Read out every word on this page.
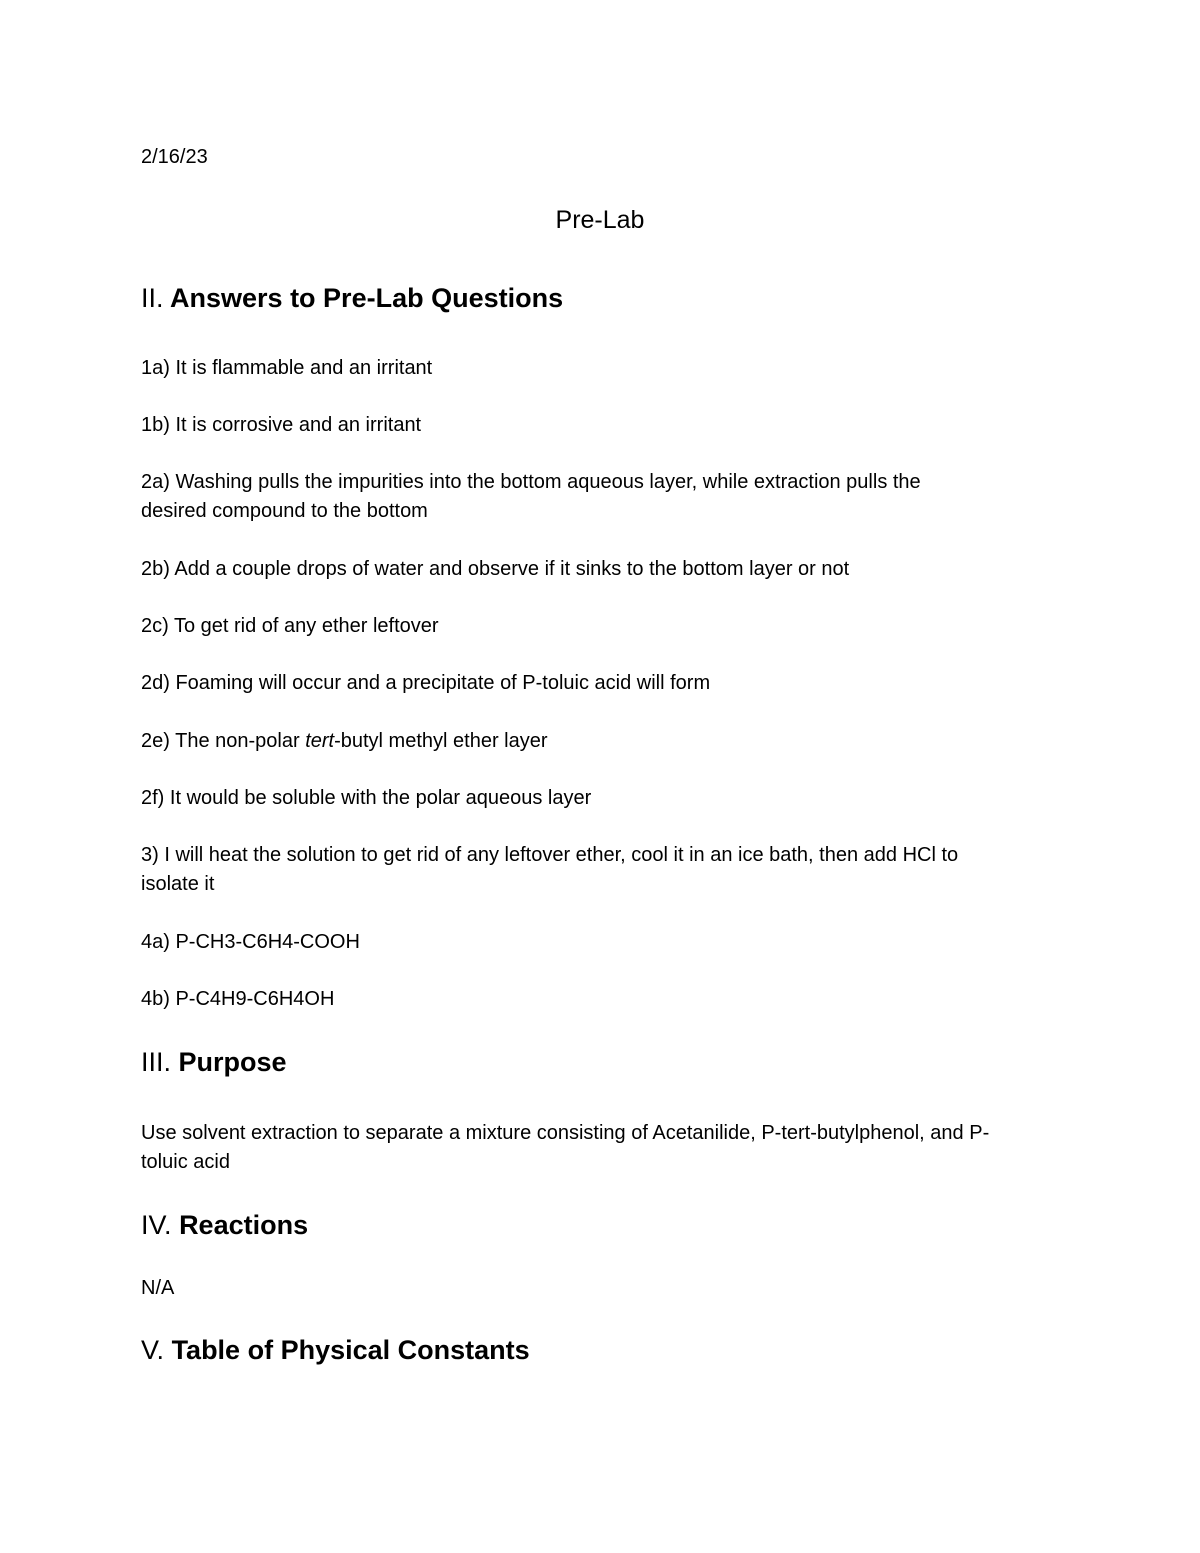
2/16/23

Pre-Lab

II. Answers to Pre-Lab Questions

1a) It is flammable and an irritant

1b) It is corrosive and an irritant

2a) Washing pulls the impurities into the bottom aqueous layer, while extraction pulls the

desired compound to the bottom

2b) Add a couple drops of water and observe if it sinks to the bottom layer or not

2c) To get rid of any ether leftover

2d) Foaming will occur and a precipitate of P-toluic acid will form

2e) The non-polar tert-butyl methyl ether layer

2f) It would be soluble with the polar aqueous layer

3) I will heat the solution to get rid of any leftover ether, cool it in an ice bath, then add HCl to

isolate it

4a) P-CH3-C6H4-COOH

4b) P-C4H9-C6H4OH

III. Purpose

Use solvent extraction to separate a mixture consisting of Acetanilide, P-tert-butylphenol, and P-

toluic acid

IV. Reactions

N/A

V. Table of Physical Constants
